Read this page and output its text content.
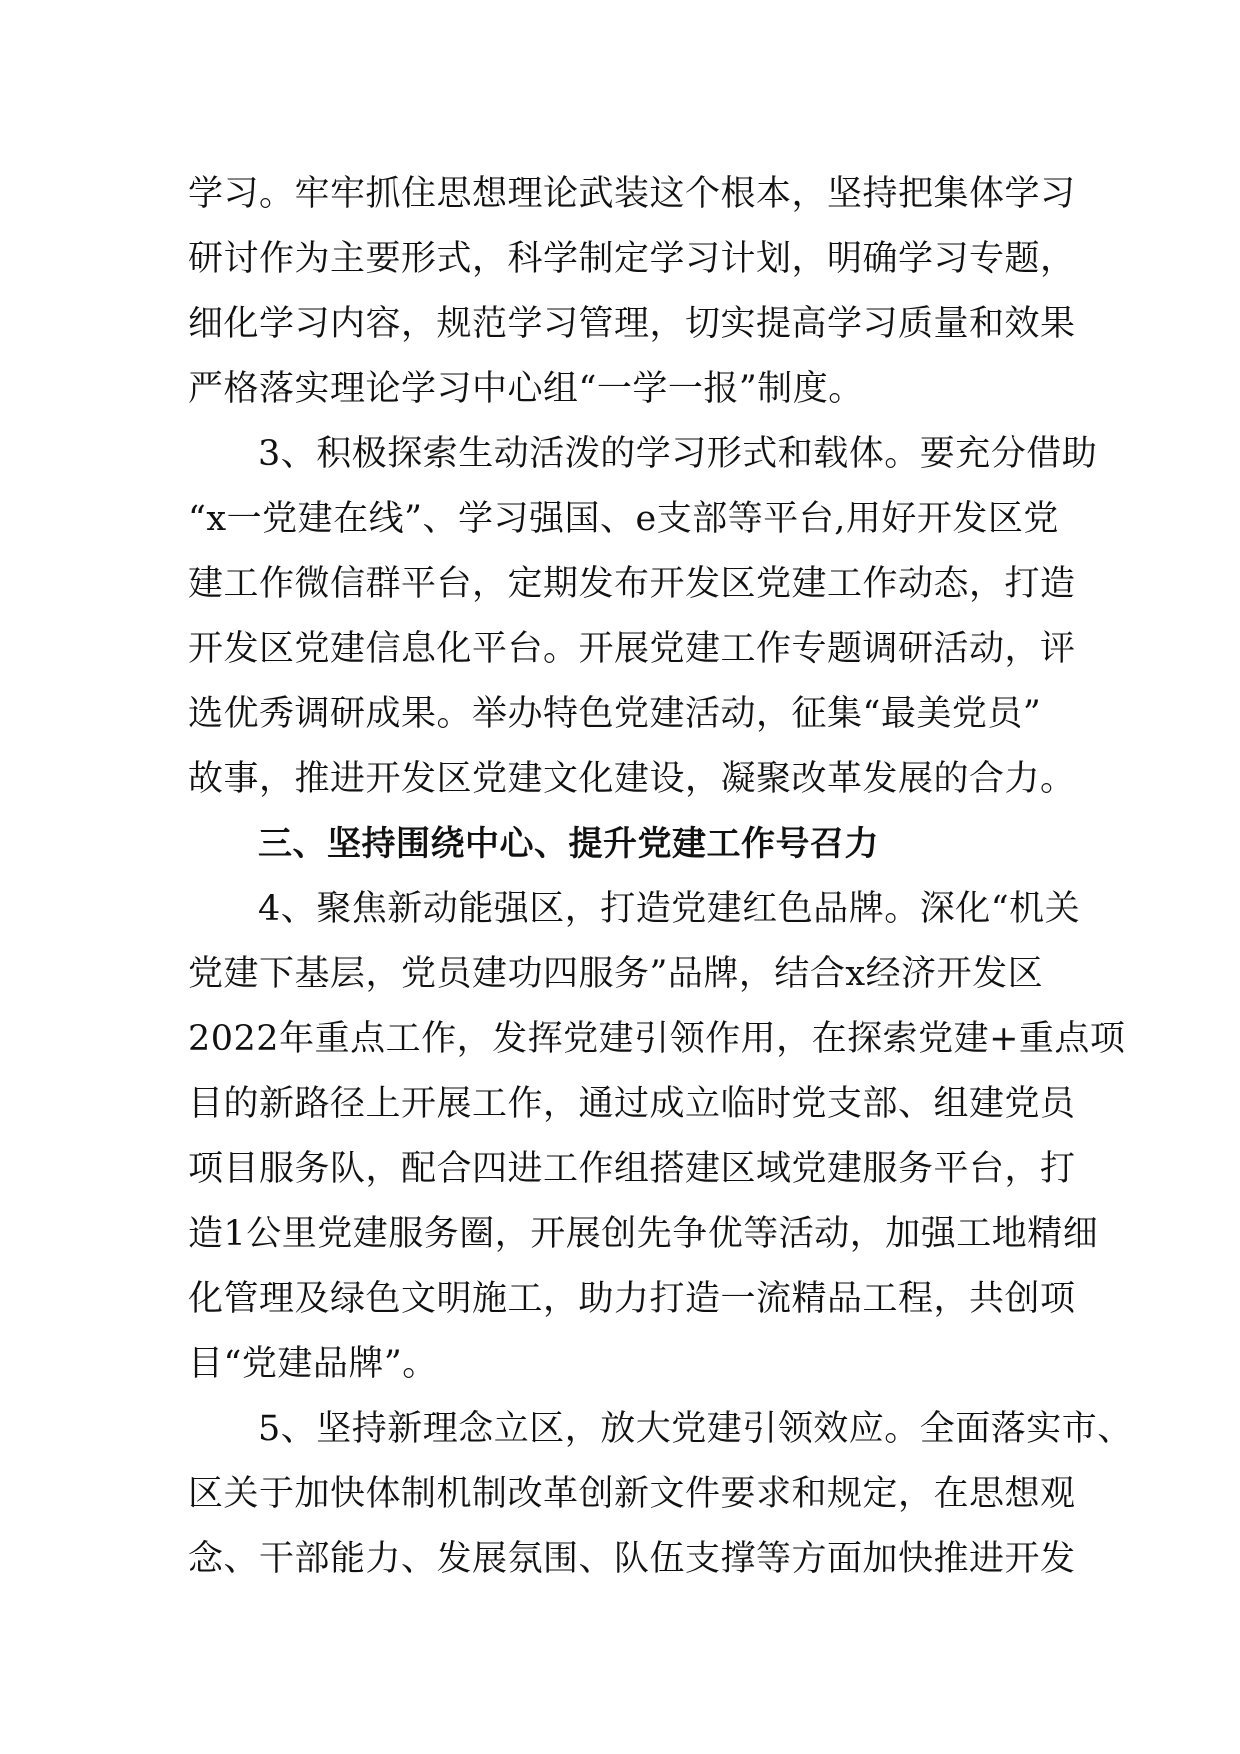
学习。牢牢抓住思想理论武装这个根本，坚持把集体学习
研讨作为主要形式，科学制定学习计划，明确学习专题，
细化学习内容，规范学习管理，切实提高学习质量和效果
严格落实理论学习中心组“一学一报”制度。
3、积极探索生动活泼的学习形式和载体。要充分借助
“x一党建在线”、学习强国、e支部等平台,用好开发区党
建工作微信群平台，定期发布开发区党建工作动态，打造
开发区党建信息化平台。开展党建工作专题调研活动，评
选优秀调研成果。举办特色党建活动，征集“最美党员”
故事，推进开发区党建文化建设，凝聚改革发展的合力。
三、坚持围绕中心、提升党建工作号召力
4、聚焦新动能强区，打造党建红色品牌。深化“机关
党建下基层，党员建功四服务”品牌，结合x经济开发区
2022年重点工作，发挥党建引领作用，在探索党建+重点项
目的新路径上开展工作，通过成立临时党支部、组建党员
项目服务队，配合四进工作组搭建区域党建服务平台，打
造1公里党建服务圈，开展创先争优等活动，加强工地精细
化管理及绿色文明施工，助力打造一流精品工程，共创项
目“党建品牌”。
5、坚持新理念立区，放大党建引领效应。全面落实市、
区关于加快体制机制改革创新文件要求和规定，在思想观
念、干部能力、发展氛围、队伍支撑等方面加快推进开发
